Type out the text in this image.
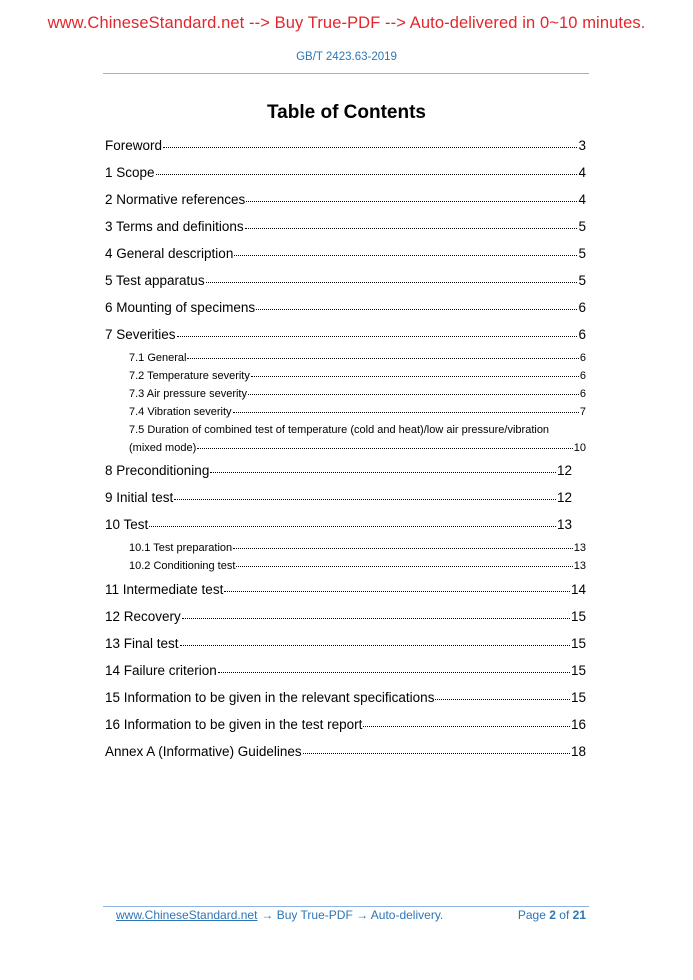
www.ChineseStandard.net --> Buy True-PDF --> Auto-delivered in 0~10 minutes.
GB/T 2423.63-2019
Table of Contents
Foreword	3
1 Scope	4
2 Normative references	4
3 Terms and definitions	5
4 General description	5
5 Test apparatus	5
6 Mounting of specimens	6
7 Severities	6
7.1 General	6
7.2 Temperature severity	6
7.3 Air pressure severity	6
7.4 Vibration severity	7
7.5 Duration of combined test of temperature (cold and heat)/low air pressure/vibration
(mixed mode)	10
8 Preconditioning	12
9 Initial test	12
10 Test	13
10.1 Test preparation	13
10.2 Conditioning test	13
11 Intermediate test	14
12 Recovery	15
13 Final test	15
14 Failure criterion	15
15 Information to be given in the relevant specifications	15
16 Information to be given in the test report	16
Annex A (Informative) Guidelines	18
www.ChineseStandard.net → Buy True-PDF → Auto-delivery.	Page 2 of 21
